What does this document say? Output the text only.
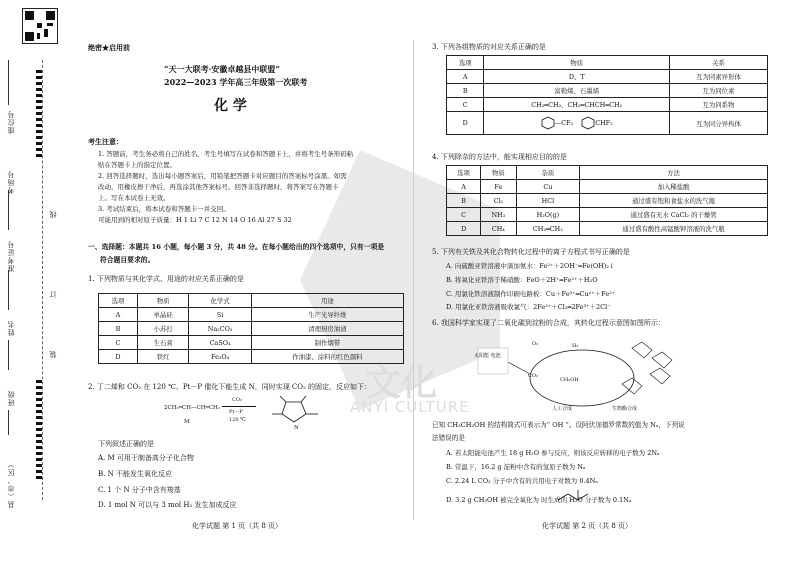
座位号
考场号
准考证号
姓名
班级
县（市、区）
线
订
装
文化
ANYI CULTURE
绝密★启用前
“天一大联考·安徽卓越县中联盟”
2022—2023 学年高三年级第一次联考
化 学
考生注意：
1. 答题前，考生务必将自己的姓名、考生号填写在试卷和答题卡上，并将考生号条形码粘
贴在答题卡上的指定位置。
2. 回答选择题时，选出每小题答案后，用铅笔把答题卡对应题目的答案标号涂黑。如需
改动，用橡皮擦干净后，再选涂其他答案标号。回答非选择题时，将答案写在答题卡
上。写在本试卷上无效。
3. 考试结束后，将本试卷和答题卡一并交回。
可能用到的相对原子质量：H 1 Li 7 C 12 N 14 O 16 Al 27 S 32
一、选择题：本题共 16 小题，每小题 3 分，共 48 分。在每小题给出的四个选项中，只有一项是
符合题目要求的。
1. 下列物质与其化学式、用途的对应关系正确的是
选项	物质	化学式	用途
A	单晶硅	Si	生产光导纤维
B	小苏打	Na₂CO₃	清理厨房油渍
C	生石膏	CaSO₄	制作烟带
D	铁红	Fe₃O₄	作油漆、涂料的红色颜料
2. 丁二烯和 CO₂ 在 120 ℃、Pt－P 催化下能生成 N，同时实现 CO₂ 的固定，反应如下：
2CH₂═CH—CH═CH₂
CO₂
Pt－P
120 ℃
M
N
下列叙述正确的是
A. M 可用于制备高分子化合物
B. N 不能发生氧化反应
C. 1 个 N 分子中含有羧基
D. 1 mol N 可以与 3 mol H₂ 发生加成反应
化学试题 第 1 页（共 8 页）
3. 下列各组物质的对应关系正确的是
选项	物质	关系
A	D、T	互为同素异形体
B	富勒烯、石墨烯	互为同位素
C	CH₂═CH₂、CH₂═CHCH═CH₂	互为同系物
D	—CF₃ CHF₂	互为同分异构体
4. 下列除杂的方法中，能实现相应目的的是
选项	物质	杂质	方法
A	Fe	Cu	加入稀盐酸
B	Cl₂	HCl	通过盛有饱和食盐水的洗气瓶
C	NH₃	H₂O(g)	通过盛有无水 CaCl₂ 的干燥管
D	CH₄	CH₂═CH₂	通过盛有酸性高锰酸钾溶液的洗气瓶
5. 下列有关铁及其化合物转化过程中的离子方程式书写正确的是
A. 向硫酸亚铁溶液中滴加氨水：Fe²⁺＋2OH⁻═Fe(OH)₂↓
B. 将氧化亚铁溶于稀硝酸：FeO＋2H⁺═Fe²⁺＋H₂O
C. 用氯化铁溶液制作印刷电路板：Cu＋Fe³⁺═Cu²⁺＋Fe²⁺
D. 用氯化亚铁溶液吸收氯气：2Fe²⁺＋Cl₂═2Fe³⁺＋2Cl⁻
6. 我国科学家实现了二氧化碳到淀粉的合成，其转化过程示意图如图所示：
太阳能 电池
O₂	H₂
CO₂
CH₃OH
人工合成	生物酶合成
已知 CH₃CH₂OH 的结构简式可表示为“ OH ”。设阿伏加德罗常数的值为 Nₐ，下列说
法错误的是
A. 若太阳能电池产生 18 g H₂O 参与反应，则该反应转移的电子数为 2Nₐ
B. 常温下，16.2 g 淀粉中含有的氢原子数为 Nₐ
C. 2.24 L CO₂ 分子中含有的共用电子对数为 0.4Nₐ
D. 3.2 g CH₃OH 被完全氧化为 时生成的 H₂O 分子数为 0.1Nₐ
化学试题 第 2 页（共 8 页）
